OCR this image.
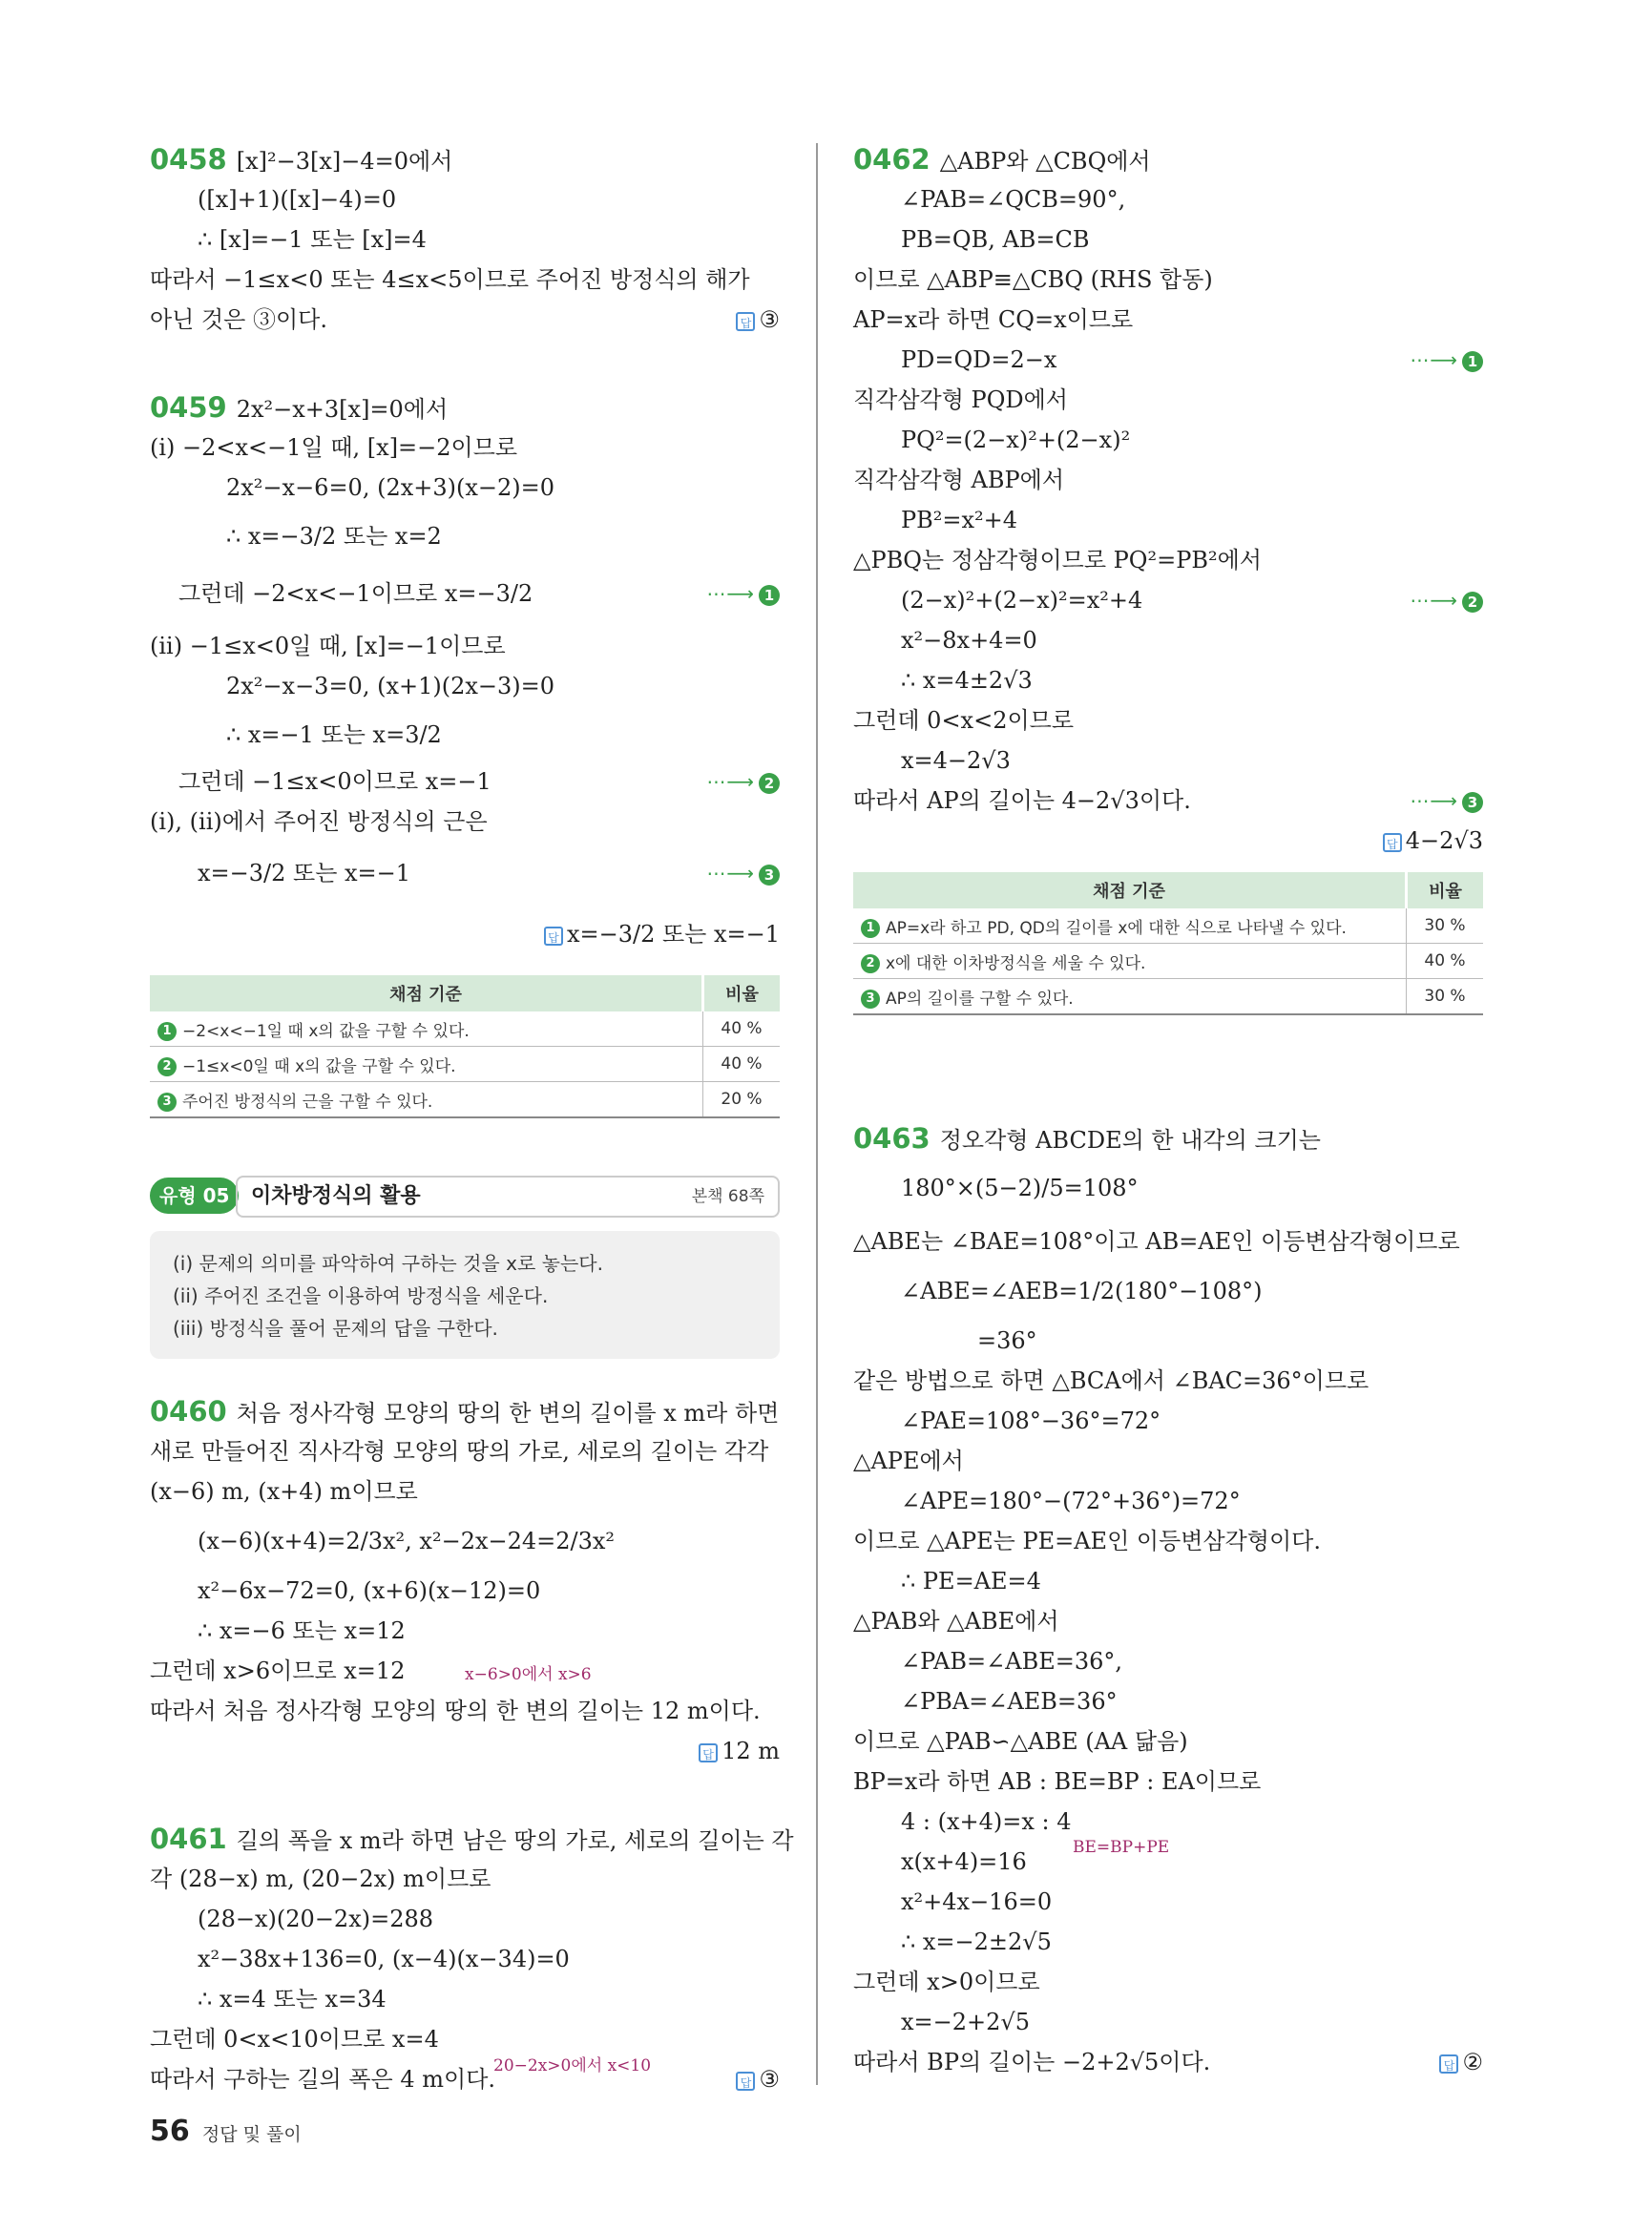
0458 [x]²−3[x]−4=0에서
([x]+1)([x]−4)=0
∴ [x]=−1 또는 [x]=4
따라서 −1≤x<0 또는 4≤x<5이므로 주어진 방정식의 해가
아닌 것은 ③이다.
0459 2x²−x+3[x]=0에서
(i) −2<x<−1일 때, [x]=−2이므로
2x²−x−6=0, (2x+3)(x−2)=0
∴ x=−3/2 또는 x=2
그런데 −2<x<−1이므로 x=−3/2
(ii) −1≤x<0일 때, [x]=−1이므로
2x²−x−3=0, (x+1)(2x−3)=0
∴ x=−1 또는 x=3/2
그런데 −1≤x<0이므로 x=−1
(i), (ii)에서 주어진 방정식의 근은
x=−3/2 또는 x=−1
0460 처음 정사각형 모양의 땅의 한 변의 길이를 x m라 하면
새로 만들어진 직사각형 모양의 땅의 가로, 세로의 길이는 각각
(x−6) m, (x+4) m이므로
(x−6)(x+4)=2/3x², x²−2x−24=2/3x²
x²−6x−72=0, (x+6)(x−12)=0
∴ x=−6 또는 x=12
그런데 x>6이므로 x=12
따라서 처음 정사각형 모양의 땅의 한 변의 길이는 12 m이다.
0461 길의 폭을 x m라 하면 남은 땅의 가로, 세로의 길이는 각
각 (28−x) m, (20−2x) m이므로
(28−x)(20−2x)=288
x²−38x+136=0, (x−4)(x−34)=0
∴ x=4 또는 x=34
그런데 0<x<10이므로 x=4
따라서 구하는 길의 폭은 4 m이다.
⋯⟶ 1
⋯⟶ 2
⋯⟶ 3
답 ③
답 x=−3/2 또는 x=−1
답 12 m
답 ③
x−6>0에서 x>6
20−2x>0에서 x<10
채점 기준	비율
1 −2<x<−1일 때 x의 값을 구할 수 있다.	40 %
2 −1≤x<0일 때 x의 값을 구할 수 있다.	40 %
3 주어진 방정식의 근을 구할 수 있다.	20 %
유형 05	이차방정식의 활용	본책 68쪽
(i) 문제의 의미를 파악하여 구하는 것을 x로 놓는다.
(ii) 주어진 조건을 이용하여 방정식을 세운다.
(iii) 방정식을 풀어 문제의 답을 구한다.
0462 △ABP와 △CBQ에서
∠PAB=∠QCB=90°,
PB=QB, AB=CB
이므로 △ABP≡△CBQ (RHS 합동)
AP=x라 하면 CQ=x이므로
PD=QD=2−x
직각삼각형 PQD에서
PQ²=(2−x)²+(2−x)²
직각삼각형 ABP에서
PB²=x²+4
△PBQ는 정삼각형이므로 PQ²=PB²에서
(2−x)²+(2−x)²=x²+4
x²−8x+4=0
∴ x=4±2√3
그런데 0<x<2이므로
x=4−2√3
따라서 AP의 길이는 4−2√3이다.
0463 정오각형 ABCDE의 한 내각의 크기는
180°×(5−2)/5=108°
△ABE는 ∠BAE=108°이고 AB=AE인 이등변삼각형이므로
∠ABE=∠AEB=1/2(180°−108°)
=36°
같은 방법으로 하면 △BCA에서 ∠BAC=36°이므로
∠PAE=108°−36°=72°
△APE에서
∠APE=180°−(72°+36°)=72°
이므로 △APE는 PE=AE인 이등변삼각형이다.
∴ PE=AE=4
△PAB와 △ABE에서
∠PAB=∠ABE=36°,
∠PBA=∠AEB=36°
이므로 △PAB∽△ABE (AA 닮음)
BP=x라 하면 AB : BE=BP : EA이므로
4 : (x+4)=x : 4
x(x+4)=16
x²+4x−16=0
∴ x=−2±2√5
그런데 x>0이므로
x=−2+2√5
따라서 BP의 길이는 −2+2√5이다.
⋯⟶ 1
⋯⟶ 2
⋯⟶ 3
답 4−2√3
답 ②
BE=BP+PE
채점 기준	비율
1 AP=x라 하고 PD, QD의 길이를 x에 대한 식으로 나타낼 수 있다.	30 %
2 x에 대한 이차방정식을 세울 수 있다.	40 %
3 AP의 길이를 구할 수 있다.	30 %
56 정답 및 풀이
